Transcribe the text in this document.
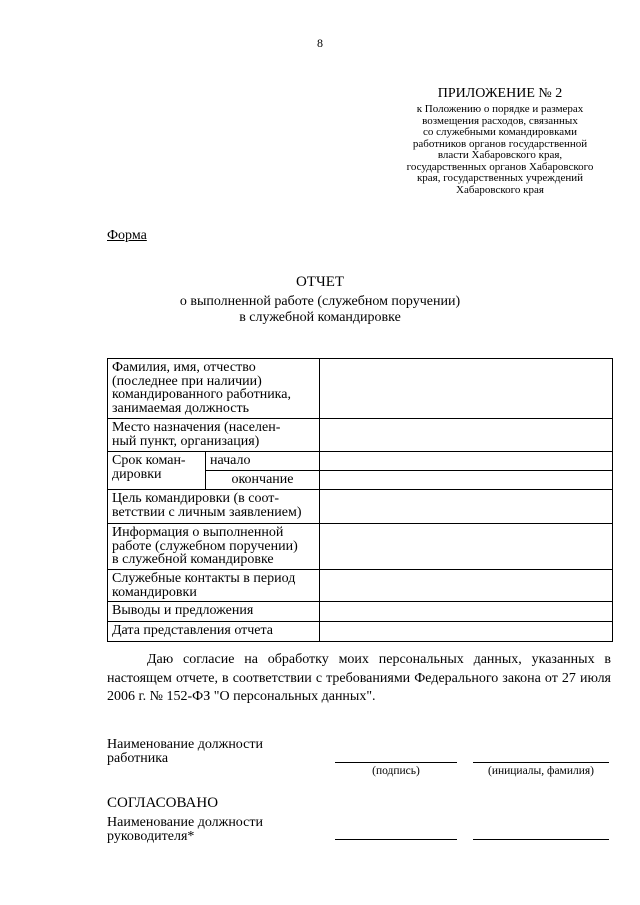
8
ПРИЛОЖЕНИЕ № 2
к Положению о порядке и размерах
возмещения расходов, связанных
со служебными командировками
работников органов государственной
власти Хабаровского края,
государственных органов Хабаровского
края, государственных учреждений
Хабаровского края
Форма
ОТЧЕТ
о выполненной работе (служебном поручении)
в служебной командировке
Фамилия, имя, отчество
(последнее при наличии)
командированного работника,
занимаемая должность		

Место назначения (населен-
ный пункт, организация)		

Срок коман-
дировки	начало	
	окончание	

Цель командировки (в соот-
ветствии с личным заявлением)		

Информация о выполненной
работе (служебном поручении)
в служебной командировке		

Служебные контакты в период
командировки		

Выводы и предложения		
Дата представления отчета		
Даю согласие на обработку моих персональных данных, указанных в настоящем отчете, в соответствии с требованиями Федерального закона от 27 июля 2006 г. № 152-ФЗ "О персональных данных".
Наименование должности
работника
(подпись)	(инициалы, фамилия)
СОГЛАСОВАНО
Наименование должности
руководителя*
